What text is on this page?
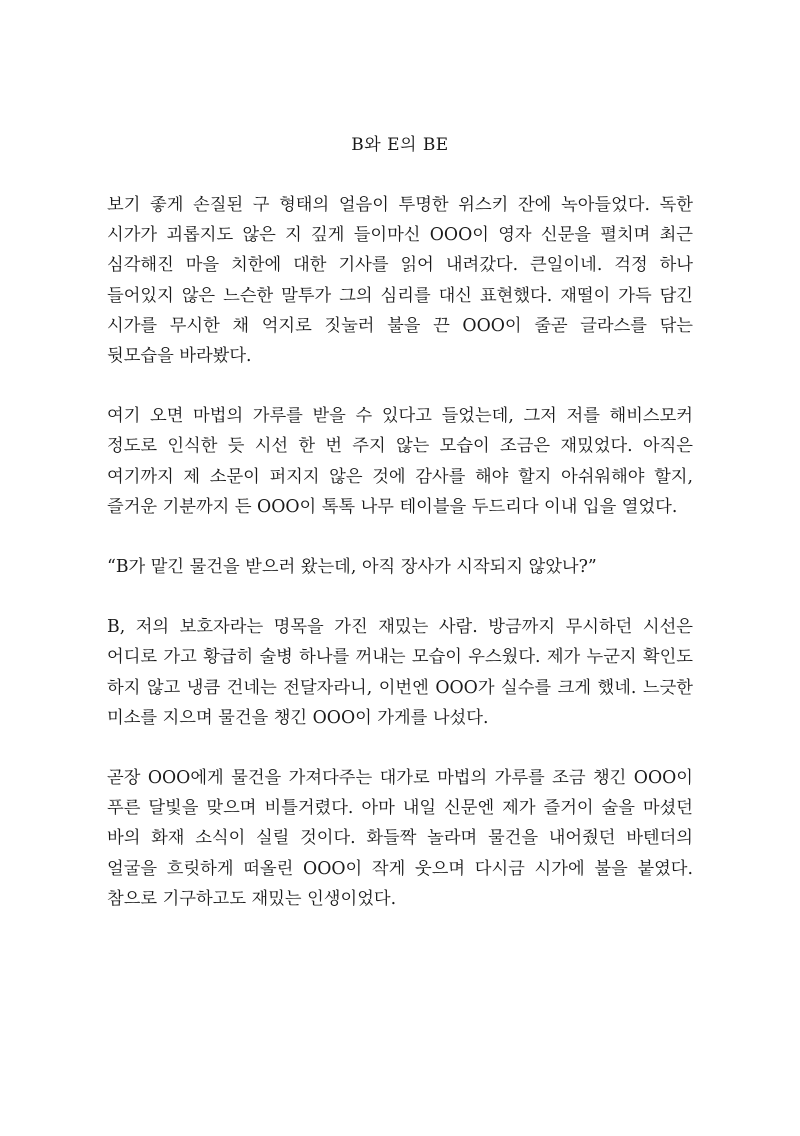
B와 E의 BE

보기 좋게 손질된 구 형태의 얼음이 투명한 위스키 잔에 녹아들었다. 독한 시가가 괴롭지도 않은 지 깊게 들이마신 OOO이 영자 신문을 펼치며 최근 심각해진 마을 치한에 대한 기사를 읽어 내려갔다. 큰일이네. 걱정 하나 들어있지 않은 느슨한 말투가 그의 심리를 대신 표현했다. 재떨이 가득 담긴 시가를 무시한 채 억지로 짓눌러 불을 끈 OOO이 줄곧 글라스를 닦는 뒷모습을 바라봤다.

여기 오면 마법의 가루를 받을 수 있다고 들었는데, 그저 저를 해비스모커 정도로 인식한 듯 시선 한 번 주지 않는 모습이 조금은 재밌었다. 아직은 여기까지 제 소문이 퍼지지 않은 것에 감사를 해야 할지 아쉬워해야 할지, 즐거운 기분까지 든 OOO이 톡톡 나무 테이블을 두드리다 이내 입을 열었다.

“B가 맡긴 물건을 받으러 왔는데, 아직 장사가 시작되지 않았나?”

B, 저의 보호자라는 명목을 가진 재밌는 사람. 방금까지 무시하던 시선은 어디로 가고 황급히 술병 하나를 꺼내는 모습이 우스웠다. 제가 누군지 확인도 하지 않고 냉큼 건네는 전달자라니, 이번엔 OOO가 실수를 크게 했네. 느긋한 미소를 지으며 물건을 챙긴 OOO이 가게를 나섰다.

곧장 OOO에게 물건을 가져다주는 대가로 마법의 가루를 조금 챙긴 OOO이 푸른 달빛을 맞으며 비틀거렸다. 아마 내일 신문엔 제가 즐거이 술을 마셨던 바의 화재 소식이 실릴 것이다. 화들짝 놀라며 물건을 내어줬던 바텐더의 얼굴을 흐릿하게 떠올린 OOO이 작게 웃으며 다시금 시가에 불을 붙였다. 참으로 기구하고도 재밌는 인생이었다.
